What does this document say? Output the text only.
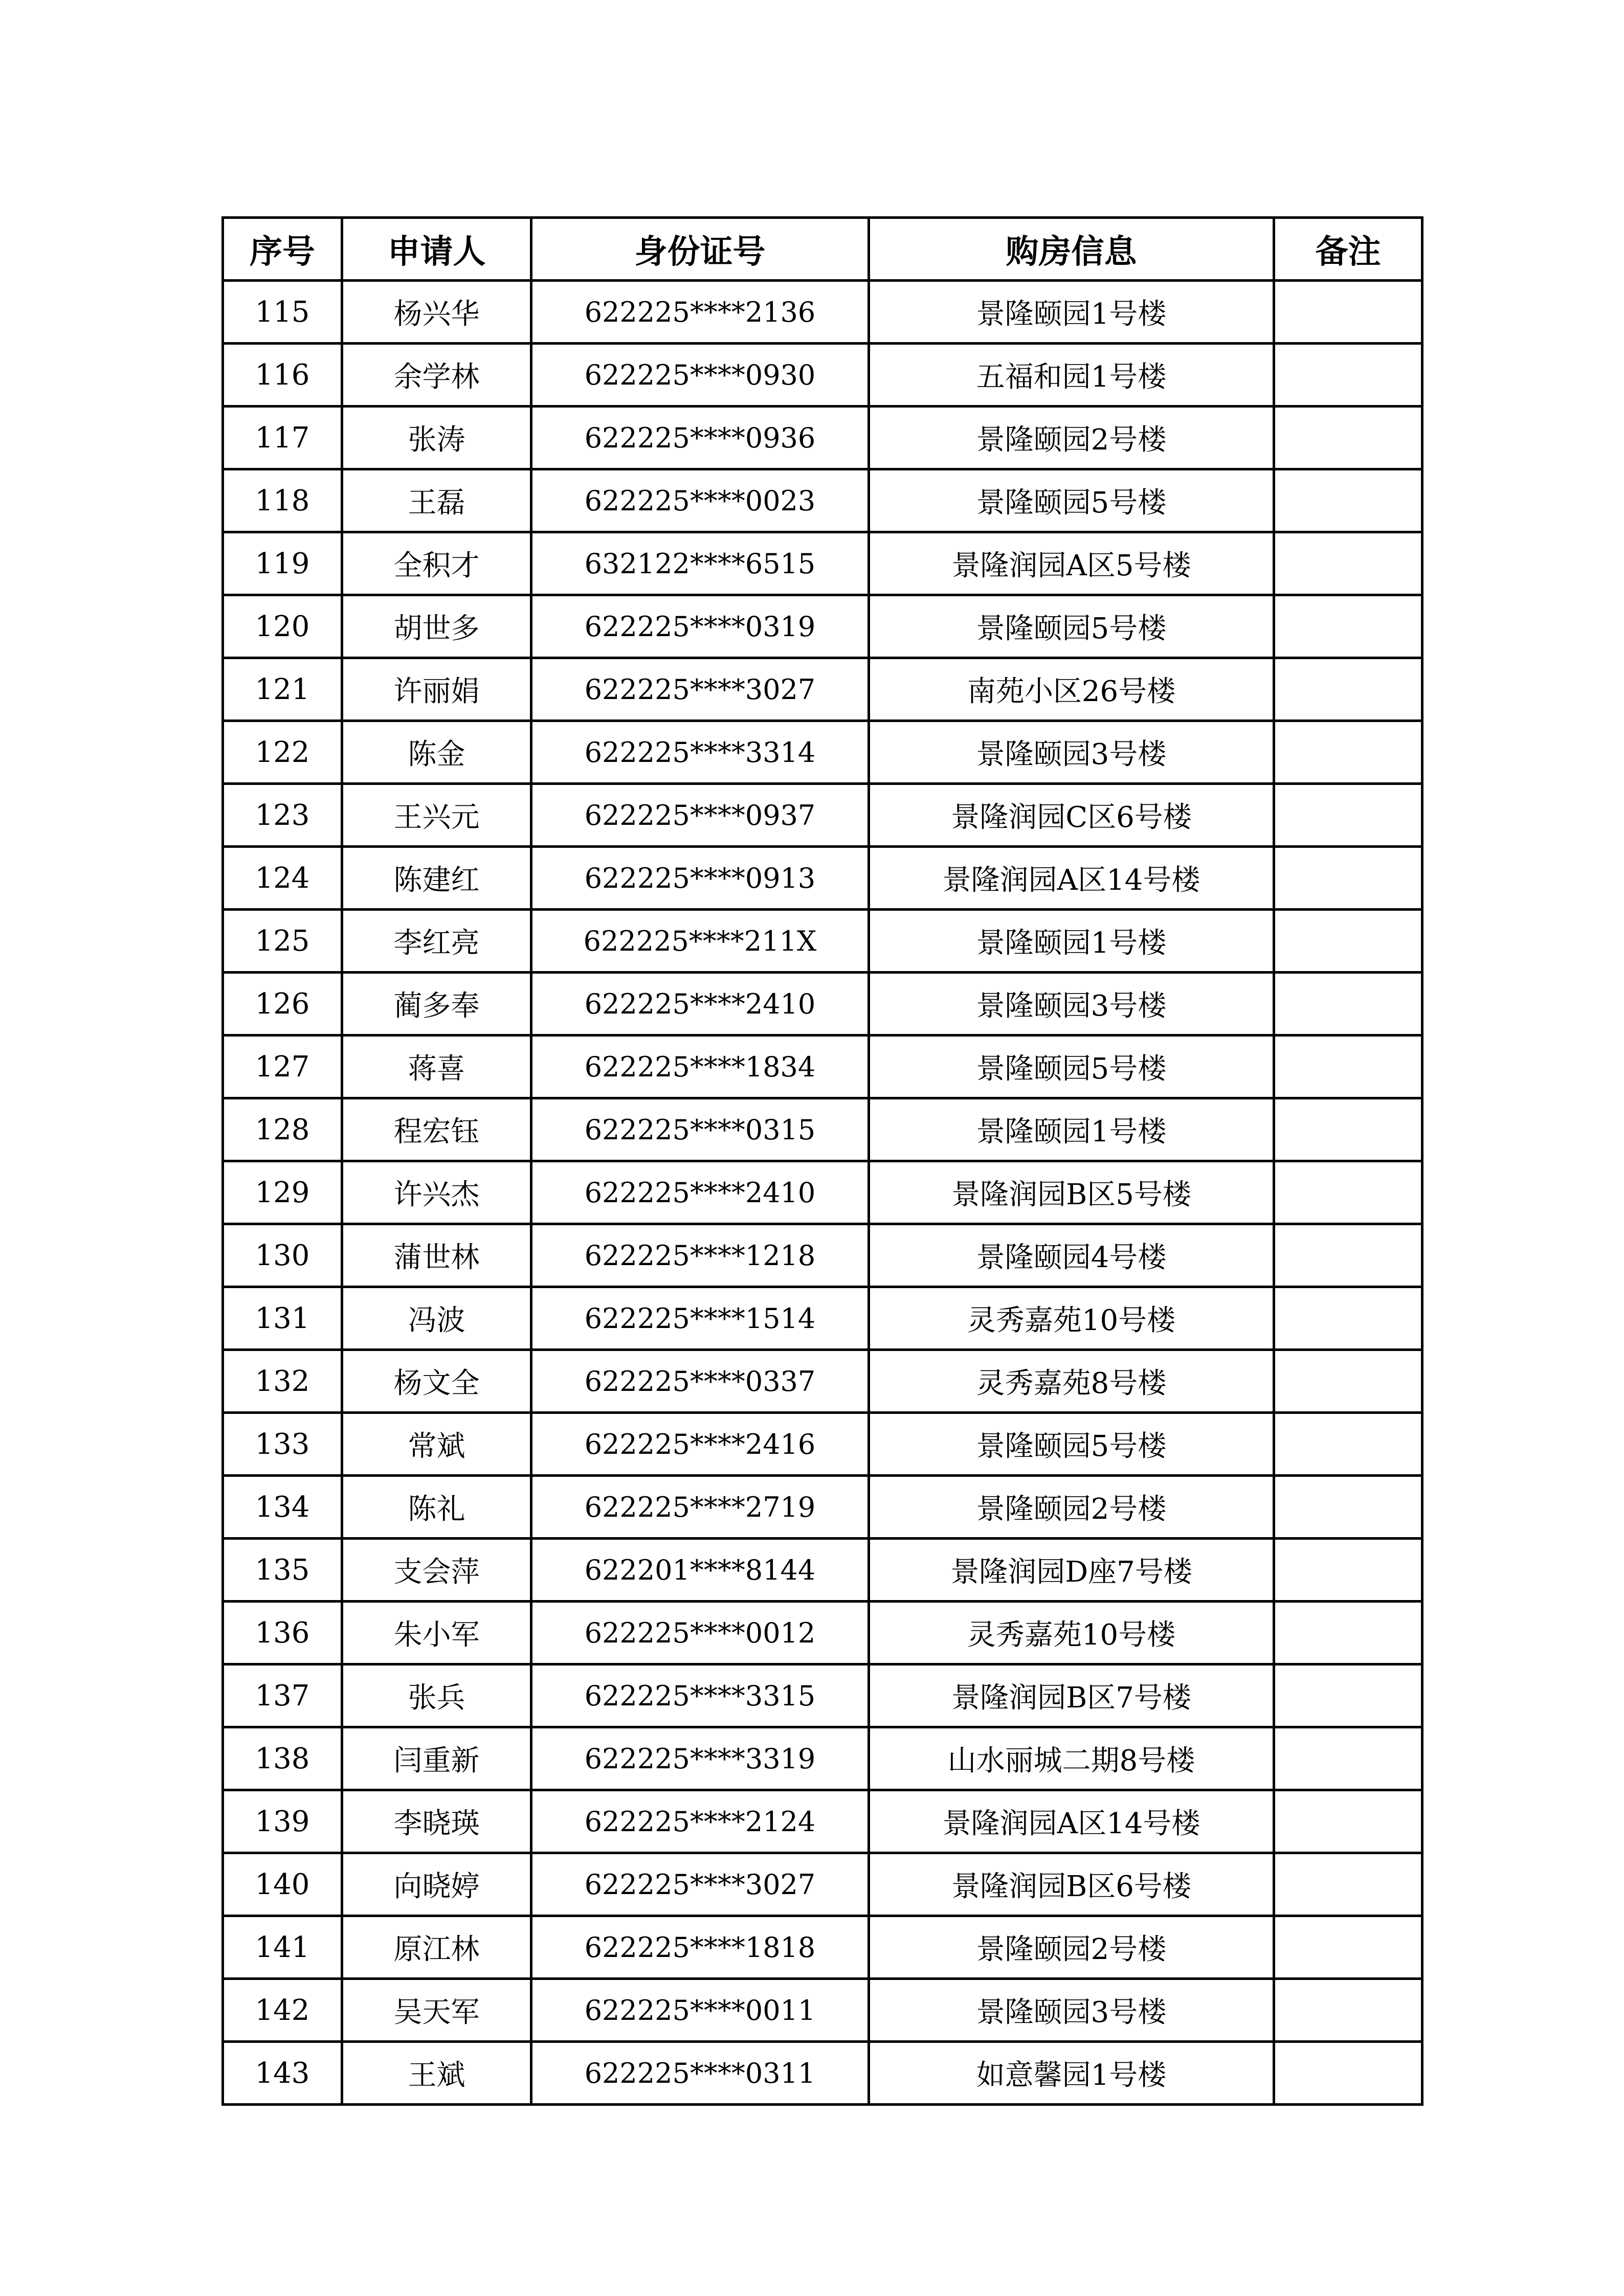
序号	申请人	身份证号	购房信息	备注
115	杨兴华	622225****2136	景隆颐园1号楼	
116	余学林	622225****0930	五福和园1号楼	
117	张涛	622225****0936	景隆颐园2号楼	
118	王磊	622225****0023	景隆颐园5号楼	
119	全积才	632122****6515	景隆润园A区5号楼	
120	胡世多	622225****0319	景隆颐园5号楼	
121	许丽娟	622225****3027	南苑小区26号楼	
122	陈金	622225****3314	景隆颐园3号楼	
123	王兴元	622225****0937	景隆润园C区6号楼	
124	陈建红	622225****0913	景隆润园A区14号楼	
125	李红亮	622225****211X	景隆颐园1号楼	
126	蔺多奉	622225****2410	景隆颐园3号楼	
127	蒋喜	622225****1834	景隆颐园5号楼	
128	程宏钰	622225****0315	景隆颐园1号楼	
129	许兴杰	622225****2410	景隆润园B区5号楼	
130	蒲世林	622225****1218	景隆颐园4号楼	
131	冯波	622225****1514	灵秀嘉苑10号楼	
132	杨文全	622225****0337	灵秀嘉苑8号楼	
133	常斌	622225****2416	景隆颐园5号楼	
134	陈礼	622225****2719	景隆颐园2号楼	
135	支会萍	622201****8144	景隆润园D座7号楼	
136	朱小军	622225****0012	灵秀嘉苑10号楼	
137	张兵	622225****3315	景隆润园B区7号楼	
138	闫重新	622225****3319	山水丽城二期8号楼	
139	李晓瑛	622225****2124	景隆润园A区14号楼	
140	向晓婷	622225****3027	景隆润园B区6号楼	
141	原江林	622225****1818	景隆颐园2号楼	
142	吴天军	622225****0011	景隆颐园3号楼	
143	王斌	622225****0311	如意馨园1号楼	
